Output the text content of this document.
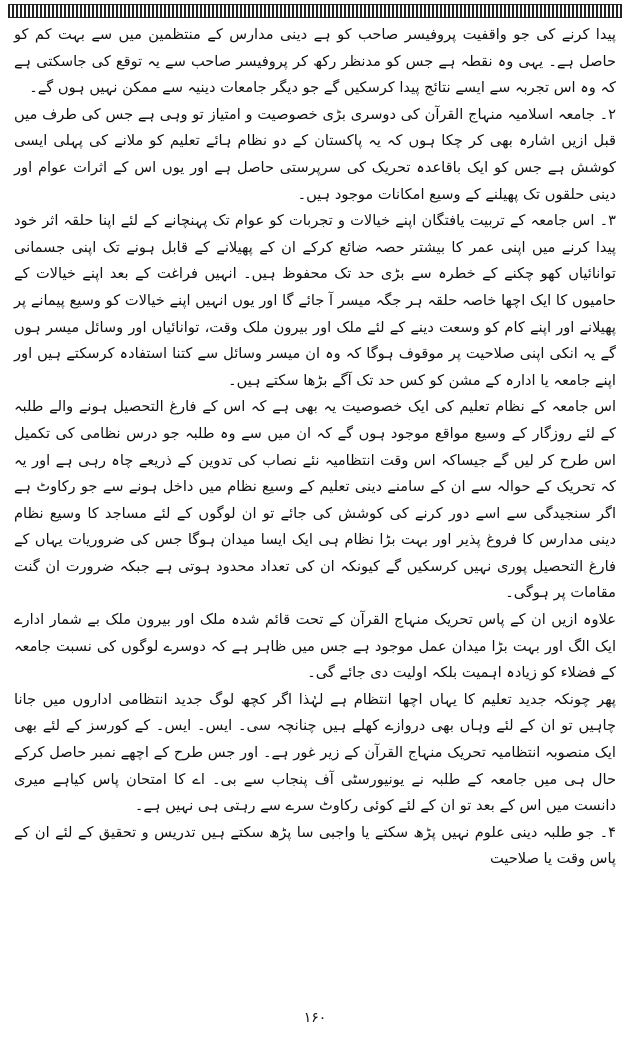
پیدا کرنے کی جو واقفیت پروفیسر صاحب کو ہے دینی مدارس کے منتظمین میں سے بہت کم کو حاصل ہے۔ یہی وہ نقطہ ہے جس کو مدنظر رکھ کر پروفیسر صاحب سے یہ توقع کی جاسکتی ہے کہ وہ اس تجربہ سے ایسے نتائج پیدا کرسکیں گے جو دیگر جامعات دینیہ سے ممکن نہیں ہوں گے۔

۲۔ جامعہ اسلامیہ منہاج القرآن کی دوسری بڑی خصوصیت و امتیاز تو وہی ہے جس کی طرف میں قبل ازیں اشارہ بھی کر چکا ہوں کہ یہ پاکستان کے دو نظام ہائے تعلیم کو ملانے کی پہلی ایسی کوشش ہے جس کو ایک باقاعدہ تحریک کی سرپرستی حاصل ہے اور یوں اس کے اثرات عوام اور دینی حلقوں تک پھیلنے کے وسیع امکانات موجود ہیں۔

۳۔ اس جامعہ کے تربیت یافتگان اپنے خیالات و تجربات کو عوام تک پہنچانے کے لئے اپنا حلقہ اثر خود پیدا کرنے میں اپنی عمر کا بیشتر حصہ ضائع کرکے ان کے پھیلانے کے قابل ہونے تک اپنی جسمانی توانائیاں کھو چکنے کے خطرہ سے بڑی حد تک محفوظ ہیں۔ انہیں فراغت کے بعد اپنے خیالات کے حامیوں کا ایک اچھا خاصہ حلقہ ہر جگہ میسر آ جائے گا اور یوں انہیں اپنے خیالات کو وسیع پیمانے پر پھیلانے اور اپنے کام کو وسعت دینے کے لئے ملک اور بیرون ملک وقت، توانائیاں اور وسائل میسر ہوں گے یہ انکی اپنی صلاحیت پر موقوف ہوگا کہ وہ ان میسر وسائل سے کتنا استفادہ کرسکتے ہیں اور اپنے جامعہ یا ادارہ کے مشن کو کس حد تک آگے بڑھا سکتے ہیں۔

اس جامعہ کے نظام تعلیم کی ایک خصوصیت یہ بھی ہے کہ اس کے فارغ التحصیل ہونے والے طلبہ کے لئے روزگار کے وسیع مواقع موجود ہوں گے کہ ان میں سے وہ طلبہ جو درس نظامی کی تکمیل اس طرح کر لیں گے جیساکہ اس وقت انتظامیہ نئے نصاب کی تدوین کے ذریعے چاہ رہی ہے اور یہ کہ تحریک کے حوالہ سے ان کے سامنے دینی تعلیم کے وسیع نظام میں داخل ہونے سے جو رکاوٹ ہے اگر سنجیدگی سے اسے دور کرنے کی کوشش کی جائے تو ان لوگوں کے لئے مساجد کا وسیع نظام دینی مدارس کا فروغ پذیر اور بہت بڑا نظام ہی ایک ایسا میدان ہوگا جس کی ضروریات یہاں کے فارغ التحصیل پوری نہیں کرسکیں گے کیونکہ ان کی تعداد محدود ہوتی ہے جبکہ ضرورت ان گنت مقامات پر ہوگی۔

علاوہ ازیں ان کے پاس تحریک منہاج القرآن کے تحت قائم شدہ ملک اور بیرون ملک بے شمار ادارے ایک الگ اور بہت بڑا میدان عمل موجود ہے جس میں ظاہر ہے کہ دوسرے لوگوں کی نسبت جامعہ کے فضلاء کو زیادہ اہمیت بلکہ اولیت دی جائے گی۔

پھر چونکہ جدید تعلیم کا یہاں اچھا انتظام ہے لہٰذا اگر کچھ لوگ جدید انتظامی اداروں میں جانا چاہیں تو ان کے لئے وہاں بھی دروازے کھلے ہیں چنانچہ سی۔ ایس۔ ایس۔ کے کورسز کے لئے بھی ایک منصوبہ انتظامیہ تحریک منہاج القرآن کے زیر غور ہے۔ اور جس طرح کے اچھے نمبر حاصل کرکے حال ہی میں جامعہ کے طلبہ نے یونیورسٹی آف پنجاب سے بی۔ اے کا امتحان پاس کیاہے میری دانست میں اس کے بعد تو ان کے لئے کوئی رکاوٹ سرے سے رہتی ہی نہیں ہے۔

۴۔ جو طلبہ دینی علوم نہیں پڑھ سکتے یا واجبی سا پڑھ سکتے ہیں تدریس و تحقیق کے لئے ان کے پاس وقت یا صلاحیت

۱۶۰
